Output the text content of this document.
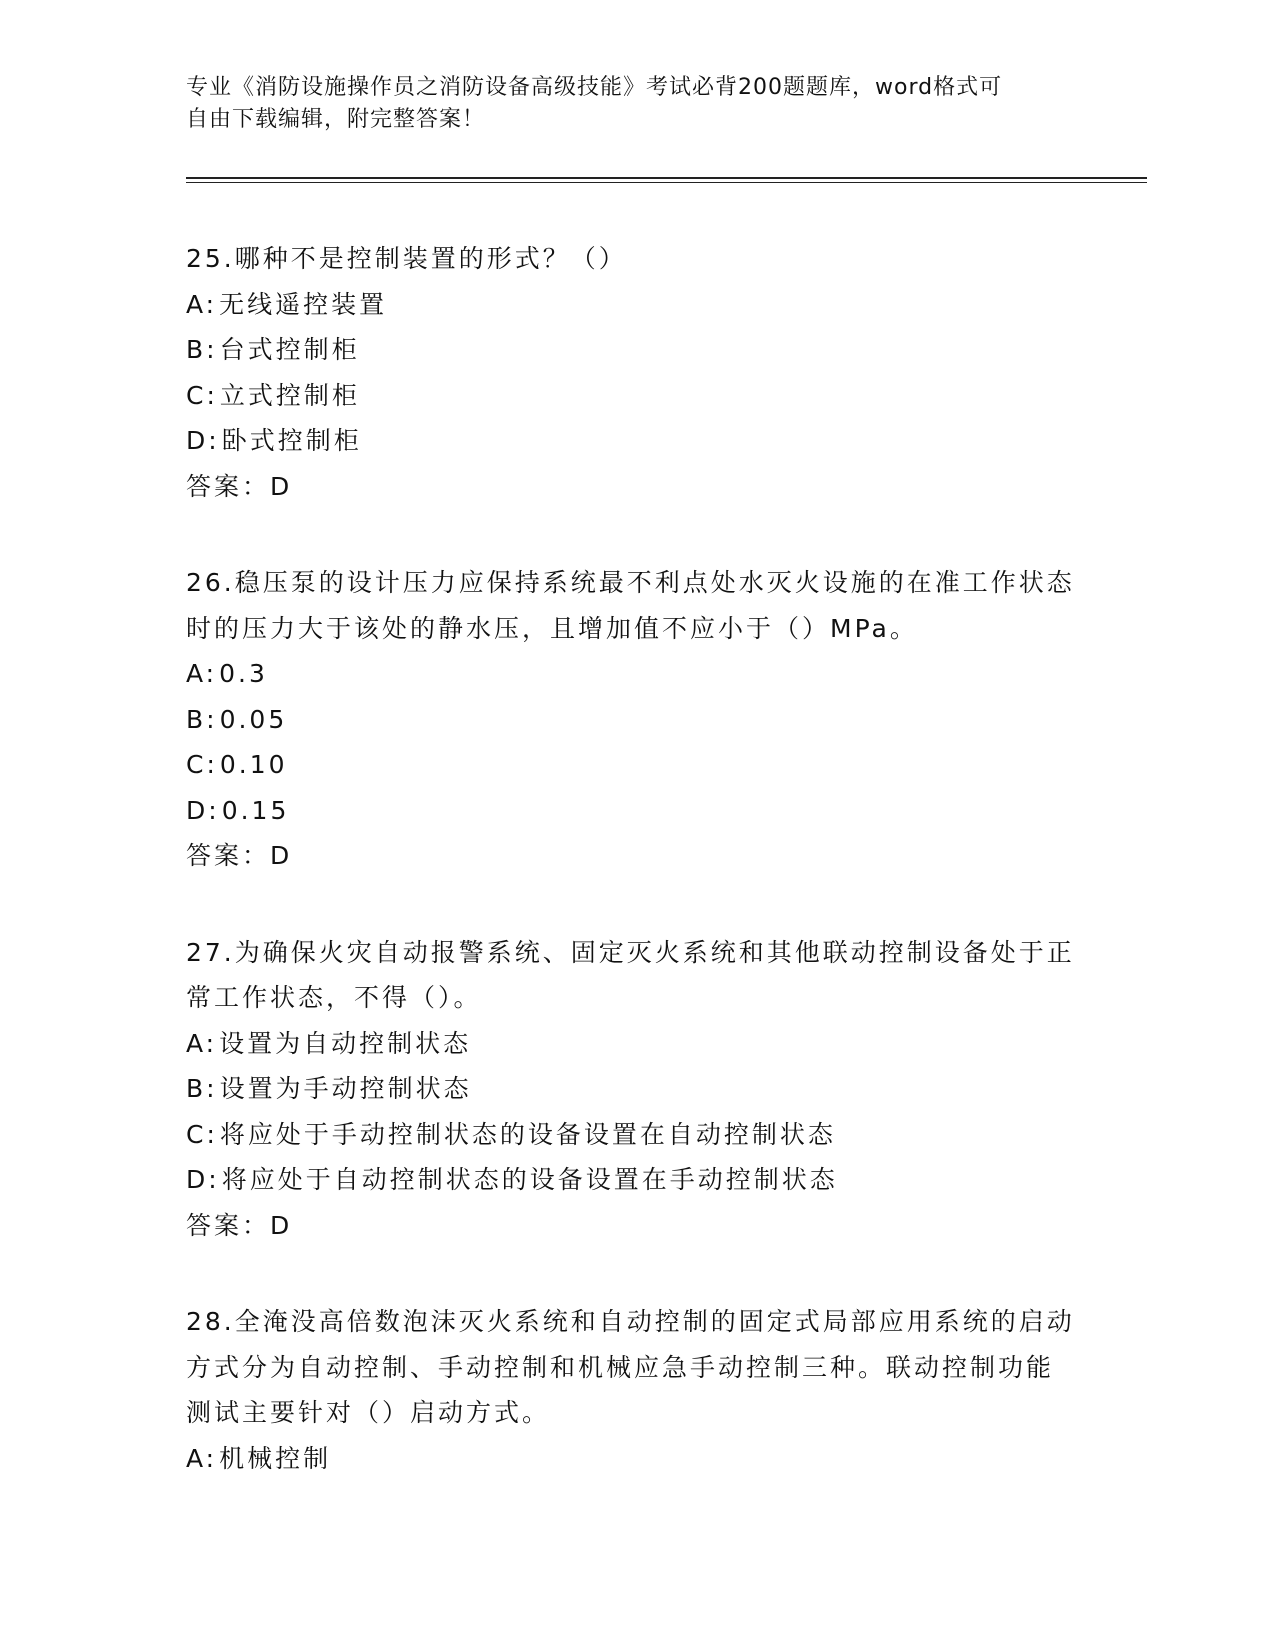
专业《消防设施操作员之消防设备高级技能》考试必背200题题库，word格式可
自由下载编辑，附完整答案！

25.哪种不是控制装置的形式？（）

A:无线遥控装置

B:台式控制柜

C:立式控制柜

D:卧式控制柜

答案：D

26.稳压泵的设计压力应保持系统最不利点处水灭火设施的在准工作状态时的压力大于该处的静水压，且增加值不应小于（）MPa。

A:0.3

B:0.05

C:0.10

D:0.15

答案：D

27.为确保火灾自动报警系统、固定灭火系统和其他联动控制设备处于正常工作状态，不得（）。

A:设置为自动控制状态

B:设置为手动控制状态

C:将应处于手动控制状态的设备设置在自动控制状态

D:将应处于自动控制状态的设备设置在手动控制状态

答案：D

28.全淹没高倍数泡沫灭火系统和自动控制的固定式局部应用系统的启动方式分为自动控制、手动控制和机械应急手动控制三种。联动控制功能测试主要针对（）启动方式。

A:机械控制
